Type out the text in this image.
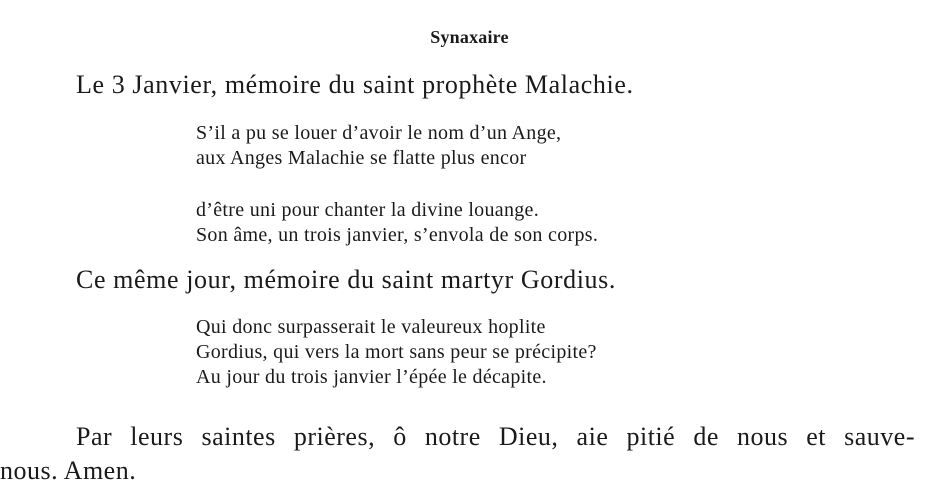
Synaxaire
Le 3 Janvier, mémoire du saint prophète Malachie.
S’il a pu se louer d’avoir le nom d’un Ange,
aux Anges Malachie se flatte plus encor
d’être uni pour chanter la divine louange.
Son âme, un trois janvier, s’envola de son corps.
Ce même jour, mémoire du saint martyr Gordius.
Qui donc surpasserait le valeureux hoplite
Gordius, qui vers la mort sans peur se précipite?
Au jour du trois janvier l’épée le décapite.
Par leurs saintes prières, ô notre Dieu, aie pitié de nous et sauve-
nous. Amen.
